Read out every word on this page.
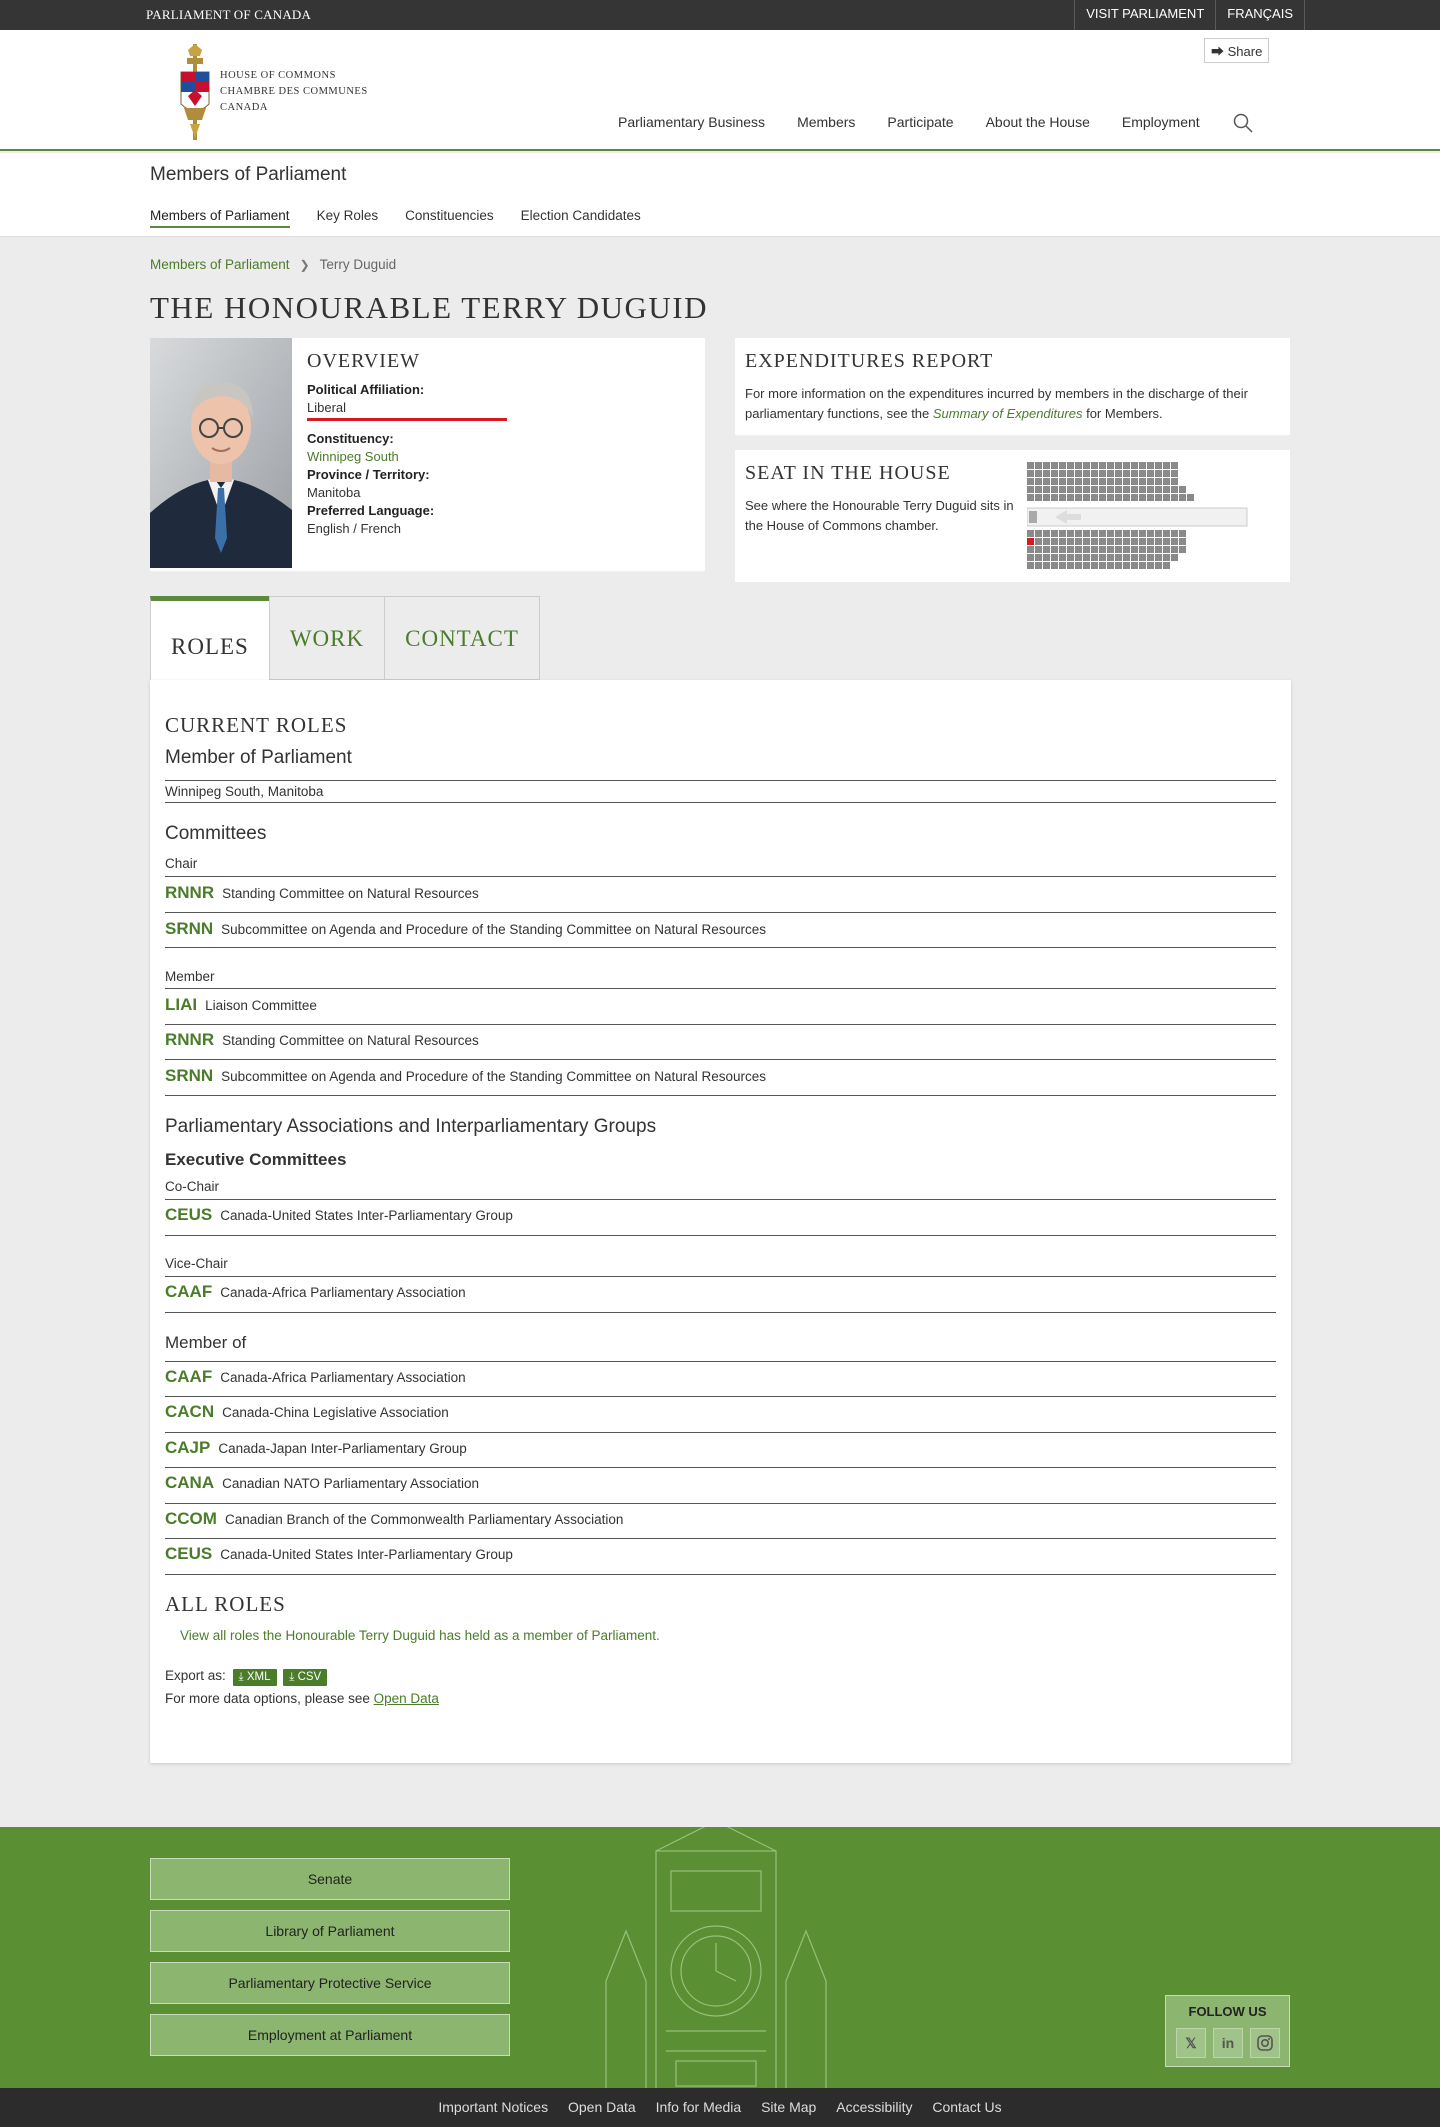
PARLIAMENT OF CANADA	VISIT PARLIAMENT	FRANÇAIS
HOUSE OF COMMONS
CHAMBRE DES COMMUNES
CANADA
⮕ Share
Parliamentary Business Members Participate About the House Employment
Members of Parliament
Members of Parliament Key Roles Constituencies Election Candidates
Members of Parliament ❯ Terry Duguid
THE HONOURABLE TERRY DUGUID
OVERVIEW
Political Affiliation:
Liberal
Constituency:
Winnipeg South
Province / Territory:
Manitoba
Preferred Language:
English / French
EXPENDITURES REPORT

For more information on the expenditures incurred by members in the discharge of their parliamentary functions, see the Summary of Expenditures for Members.

SEAT IN THE HOUSE

See where the Honourable Terry Duguid sits in the House of Commons chamber.

ROLES	WORK	CONTACT
CURRENT ROLES
Member of Parliament
Winnipeg South, Manitoba
Committees
Chair
RNNR Standing Committee on Natural Resources
SRNN Subcommittee on Agenda and Procedure of the Standing Committee on Natural Resources
Member
LIAI Liaison Committee
RNNR Standing Committee on Natural Resources
SRNN Subcommittee on Agenda and Procedure of the Standing Committee on Natural Resources
Parliamentary Associations and Interparliamentary Groups
Executive Committees
Co-Chair
CEUS Canada-United States Inter-Parliamentary Group
Vice-Chair
CAAF Canada-Africa Parliamentary Association
Member of
CAAF Canada-Africa Parliamentary Association
CACN Canada-China Legislative Association
CAJP Canada-Japan Inter-Parliamentary Group
CANA Canadian NATO Parliamentary Association
CCOM Canadian Branch of the Commonwealth Parliamentary Association
CEUS Canada-United States Inter-Parliamentary Group
ALL ROLES
View all roles the Honourable Terry Duguid has held as a member of Parliament.
Export as: ⤓ XML ⤓ CSV
For more data options, please see Open Data
Senate
Library of Parliament
Parliamentary Protective Service
Employment at Parliament
FOLLOW US
𝕏	in
Important Notices Open Data Info for Media Site Map Accessibility Contact Us
